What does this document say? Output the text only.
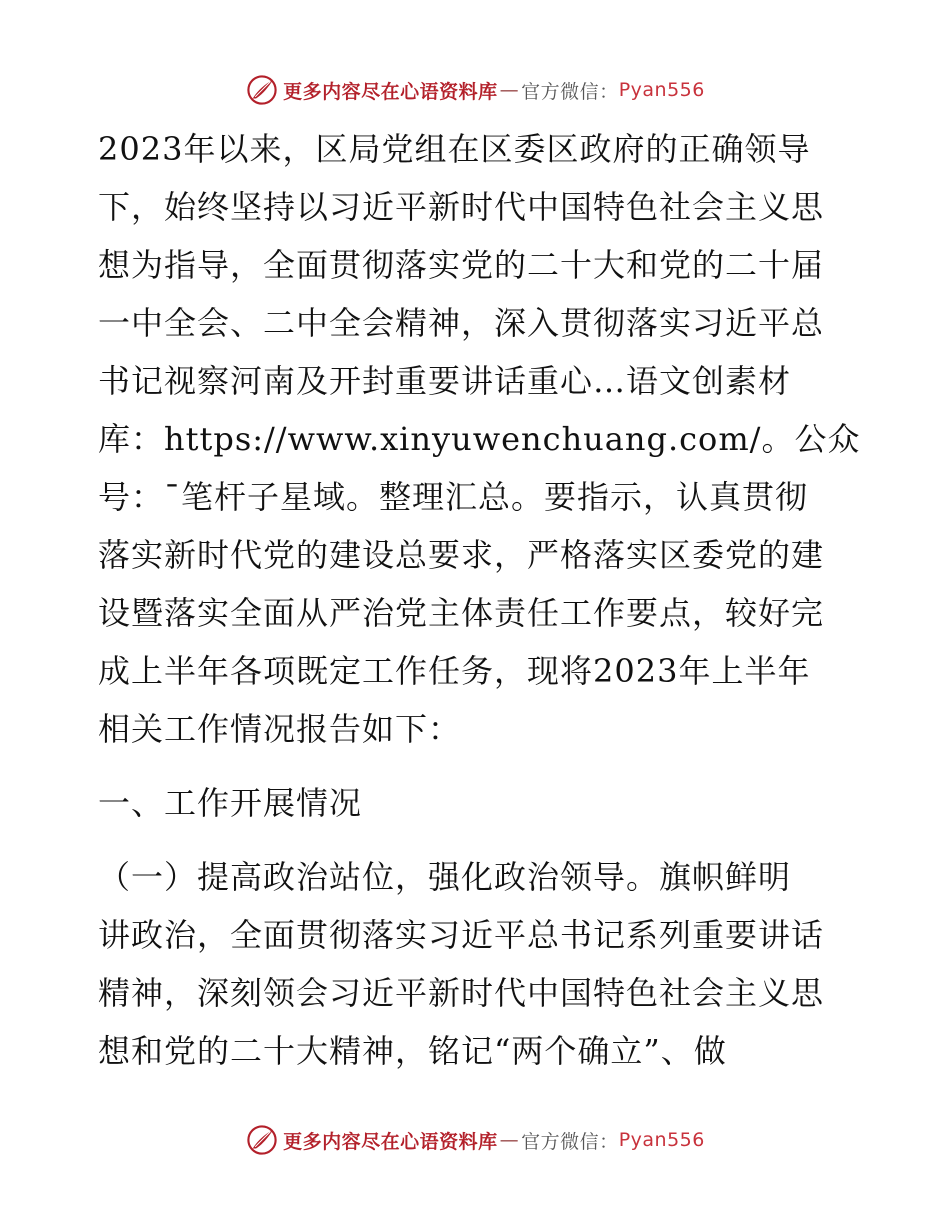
更多内容尽在心语资料库 — 官方微信： Pyan556
2023年以来，区局党组在区委区政府的正确领导
下，始终坚持以习近平新时代中国特色社会主义思
想为指导，全面贯彻落实党的二十大和党的二十届
一中全会、二中全会精神，深入贯彻落实习近平总
书记视察河南及开封重要讲话重心…语文创素材
库：https://www.xinyuwenchuang.com/。公众
号：¯笔杆子星域。整理汇总。要指示，认真贯彻
落实新时代党的建设总要求，严格落实区委党的建
设暨落实全面从严治党主体责任工作要点，较好完
成上半年各项既定工作任务，现将2023年上半年
相关工作情况报告如下：
一、工作开展情况
（一）提高政治站位，强化政治领导。旗帜鲜明
讲政治，全面贯彻落实习近平总书记系列重要讲话
精神，深刻领会习近平新时代中国特色社会主义思
想和党的二十大精神，铭记“两个确立”、做
更多内容尽在心语资料库 — 官方微信： Pyan556
